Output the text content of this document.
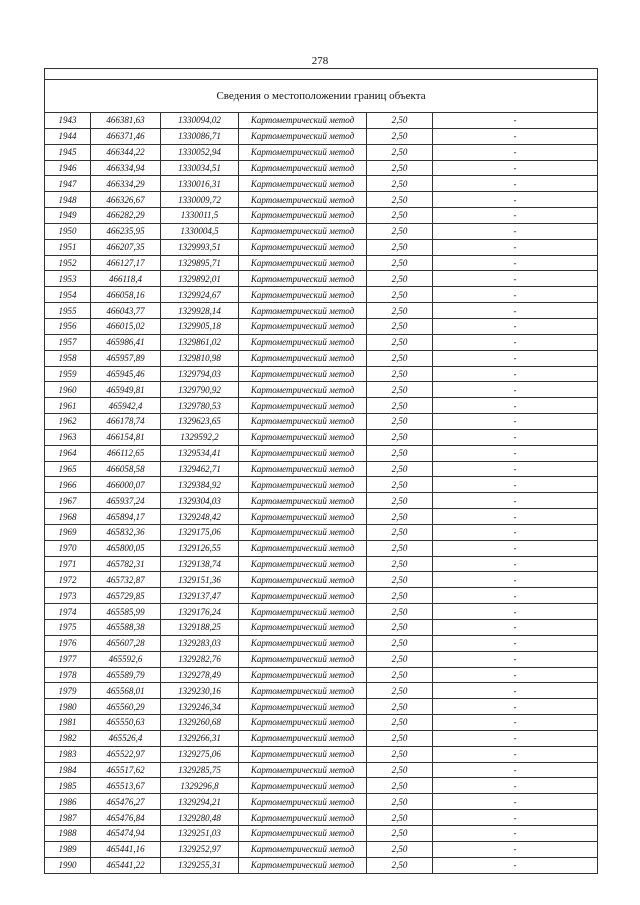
278

Сведения о местоположении границ объекта					
1943	466381,63	1330094,02	Картометрический метод	2,50	-
1944	466371,46	1330086,71	Картометрический метод	2,50	-
1945	466344,22	1330052,94	Картометрический метод	2,50	-
1946	466334,94	1330034,51	Картометрический метод	2,50	-
1947	466334,29	1330016,31	Картометрический метод	2,50	-
1948	466326,67	1330009,72	Картометрический метод	2,50	-
1949	466282,29	1330011,5	Картометрический метод	2,50	-
1950	466235,95	1330004,5	Картометрический метод	2,50	-
1951	466207,35	1329993,51	Картометрический метод	2,50	-
1952	466127,17	1329895,71	Картометрический метод	2,50	-
1953	466118,4	1329892,01	Картометрический метод	2,50	-
1954	466058,16	1329924,67	Картометрический метод	2,50	-
1955	466043,77	1329928,14	Картометрический метод	2,50	-
1956	466015,02	1329905,18	Картометрический метод	2,50	-
1957	465986,41	1329861,02	Картометрический метод	2,50	-
1958	465957,89	1329810,98	Картометрический метод	2,50	-
1959	465945,46	1329794,03	Картометрический метод	2,50	-
1960	465949,81	1329790,92	Картометрический метод	2,50	-
1961	465942,4	1329780,53	Картометрический метод	2,50	-
1962	466178,74	1329623,65	Картометрический метод	2,50	-
1963	466154,81	1329592,2	Картометрический метод	2,50	-
1964	466112,65	1329534,41	Картометрический метод	2,50	-
1965	466058,58	1329462,71	Картометрический метод	2,50	-
1966	466000,07	1329384,92	Картометрический метод	2,50	-
1967	465937,24	1329304,03	Картометрический метод	2,50	-
1968	465894,17	1329248,42	Картометрический метод	2,50	-
1969	465832,36	1329175,06	Картометрический метод	2,50	-
1970	465800,05	1329126,55	Картометрический метод	2,50	-
1971	465782,31	1329138,74	Картометрический метод	2,50	-
1972	465732,87	1329151,36	Картометрический метод	2,50	-
1973	465729,85	1329137,47	Картометрический метод	2,50	-
1974	465585,99	1329176,24	Картометрический метод	2,50	-
1975	465588,38	1329188,25	Картометрический метод	2,50	-
1976	465607,28	1329283,03	Картометрический метод	2,50	-
1977	465592,6	1329282,76	Картометрический метод	2,50	-
1978	465589,79	1329278,49	Картометрический метод	2,50	-
1979	465568,01	1329230,16	Картометрический метод	2,50	-
1980	465560,29	1329246,34	Картометрический метод	2,50	-
1981	465550,63	1329260,68	Картометрический метод	2,50	-
1982	465526,4	1329266,31	Картометрический метод	2,50	-
1983	465522,97	1329275,06	Картометрический метод	2,50	-
1984	465517,62	1329285,75	Картометрический метод	2,50	-
1985	465513,67	1329296,8	Картометрический метод	2,50	-
1986	465476,27	1329294,21	Картометрический метод	2,50	-
1987	465476,84	1329280,48	Картометрический метод	2,50	-
1988	465474,94	1329251,03	Картометрический метод	2,50	-
1989	465441,16	1329252,97	Картометрический метод	2,50	-
1990	465441,22	1329255,31	Картометрический метод	2,50	-
